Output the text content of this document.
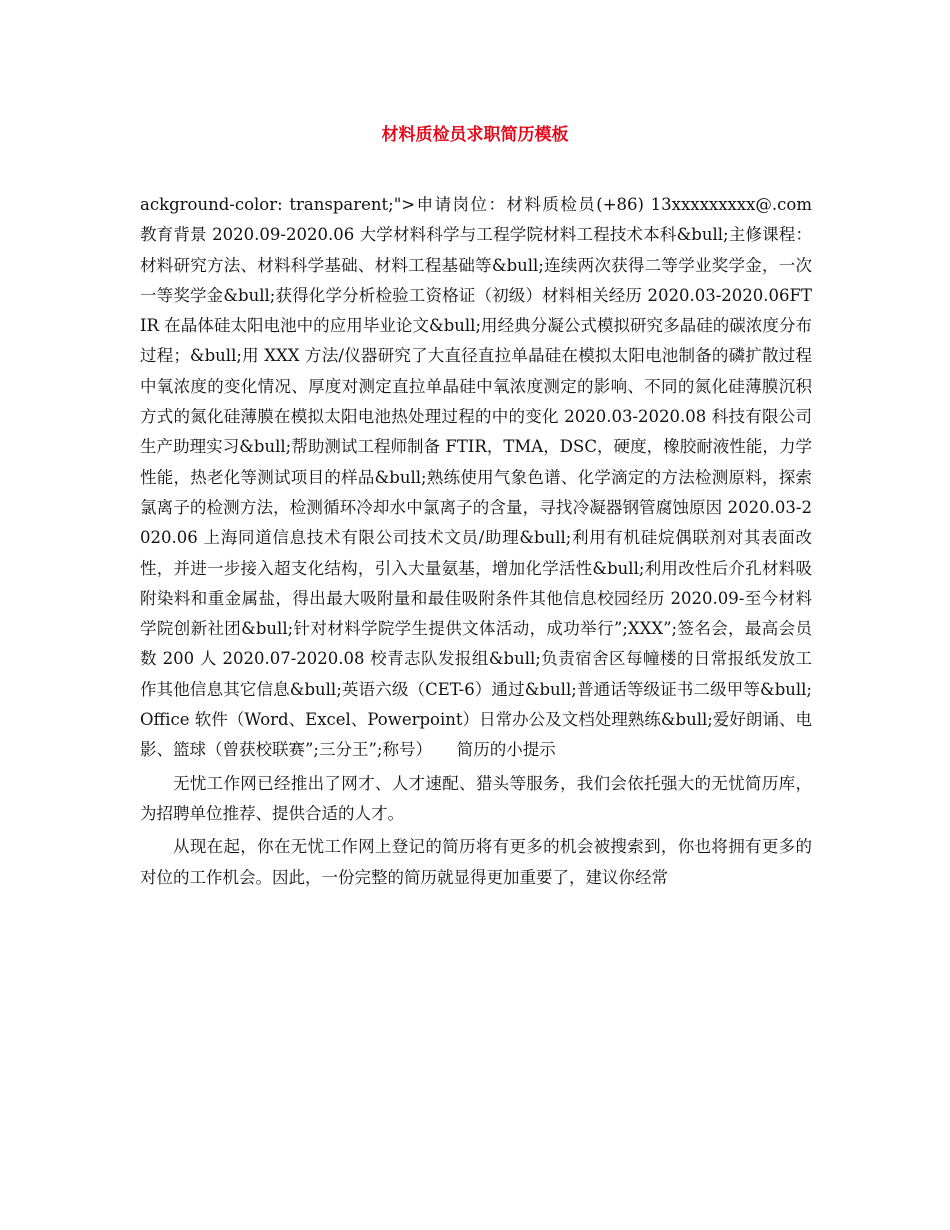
材料质检员求职简历模板

ackground-color: transparent;">申请岗位：材料质检员(+86) 13xxxxxxxxx@.com 教育背景 2020.09-2020.06 大学材料科学与工程学院材料工程技术本科&bull;主修课程：材料研究方法、材料科学基础、材料工程基础等&bull;连续两次获得二等学业奖学金，一次一等奖学金&bull;获得化学分析检验工资格证（初级）材料相关经历 2020.03-2020.06FTIR 在晶体硅太阳电池中的应用毕业论文&bull;用经典分凝公式模拟研究多晶硅的碳浓度分布过程；&bull;用 XXX 方法/仪器研究了大直径直拉单晶硅在模拟太阳电池制备的磷扩散过程中氧浓度的变化情况、厚度对测定直拉单晶硅中氧浓度测定的影响、不同的氮化硅薄膜沉积方式的氮化硅薄膜在模拟太阳电池热处理过程的中的变化 2020.03-2020.08 科技有限公司生产助理实习&bull;帮助测试工程师制备 FTIR，TMA，DSC，硬度，橡胶耐液性能，力学性能，热老化等测试项目的样品&bull;熟练使用气象色谱、化学滴定的方法检测原料，探索氯离子的检测方法，检测循环冷却水中氯离子的含量，寻找冷凝器钢管腐蚀原因 2020.03-2020.06 上海同道信息技术有限公司技术文员/助理&bull;利用有机硅烷偶联剂对其表面改性，并进一步接入超支化结构，引入大量氨基，增加化学活性&bull;利用改性后介孔材料吸附染料和重金属盐，得出最大吸附量和最佳吸附条件其他信息校园经历 2020.09-至今材料学院创新社团&bull;针对材料学院学生提供文体活动，成功举行”;XXX”;签名会，最高会员数 200 人 2020.07-2020.08 校青志队发报组&bull;负责宿舍区每幢楼的日常报纸发放工作其他信息其它信息&bull;英语六级（CET-6）通过&bull;普通话等级证书二级甲等&bull;Office 软件（Word、Excel、Powerpoint）日常办公及文档处理熟练&bull;爱好朗诵、电影、篮球（曾获校联赛”;三分王”;称号）　　简历的小提示

无忧工作网已经推出了网才、人才速配、猎头等服务，我们会依托强大的无忧简历库，为招聘单位推荐、提供合适的人才。

从现在起，你在无忧工作网上登记的简历将有更多的机会被搜索到，你也将拥有更多的对位的工作机会。因此，一份完整的简历就显得更加重要了，建议你经常
